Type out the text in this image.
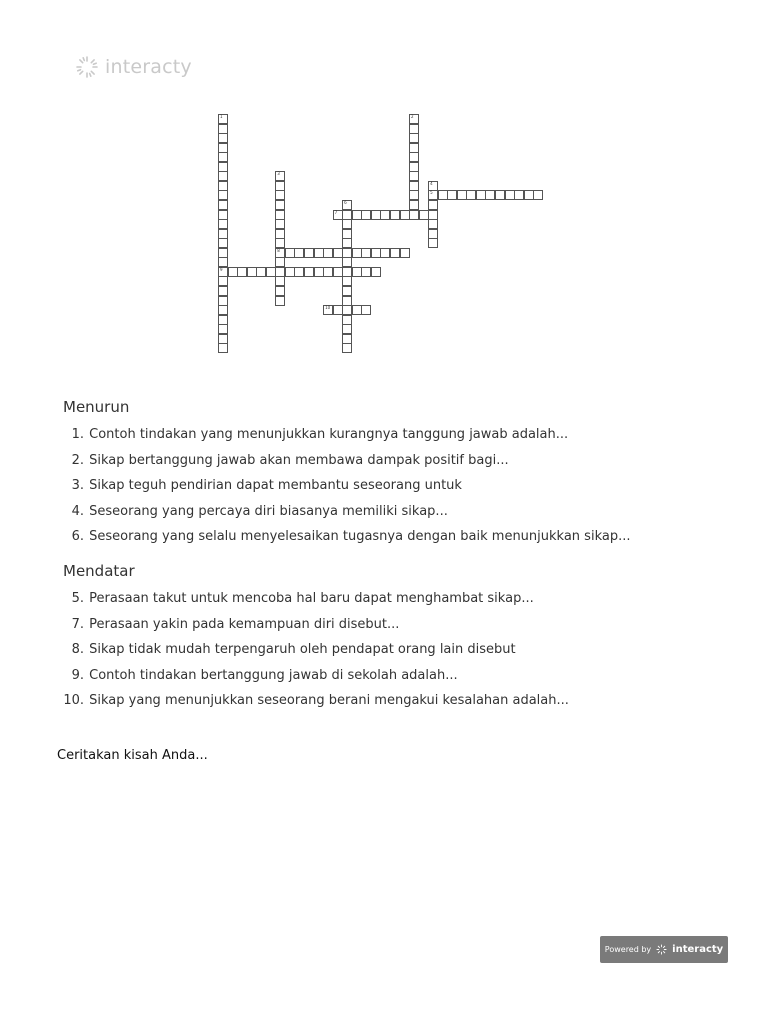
interacty
1
9
2
3
8
4
5
6
7
10
Menurun
1. Contoh tindakan yang menunjukkan kurangnya tanggung jawab adalah...
2. Sikap bertanggung jawab akan membawa dampak positif bagi...
3. Sikap teguh pendirian dapat membantu seseorang untuk
4. Seseorang yang percaya diri biasanya memiliki sikap...
6. Seseorang yang selalu menyelesaikan tugasnya dengan baik menunjukkan sikap...
Mendatar
5. Perasaan takut untuk mencoba hal baru dapat menghambat sikap...
7. Perasaan yakin pada kemampuan diri disebut...
8. Sikap tidak mudah terpengaruh oleh pendapat orang lain disebut
9. Contoh tindakan bertanggung jawab di sekolah adalah...
10. Sikap yang menunjukkan seseorang berani mengakui kesalahan adalah...
Ceritakan kisah Anda...
Powered by interacty
